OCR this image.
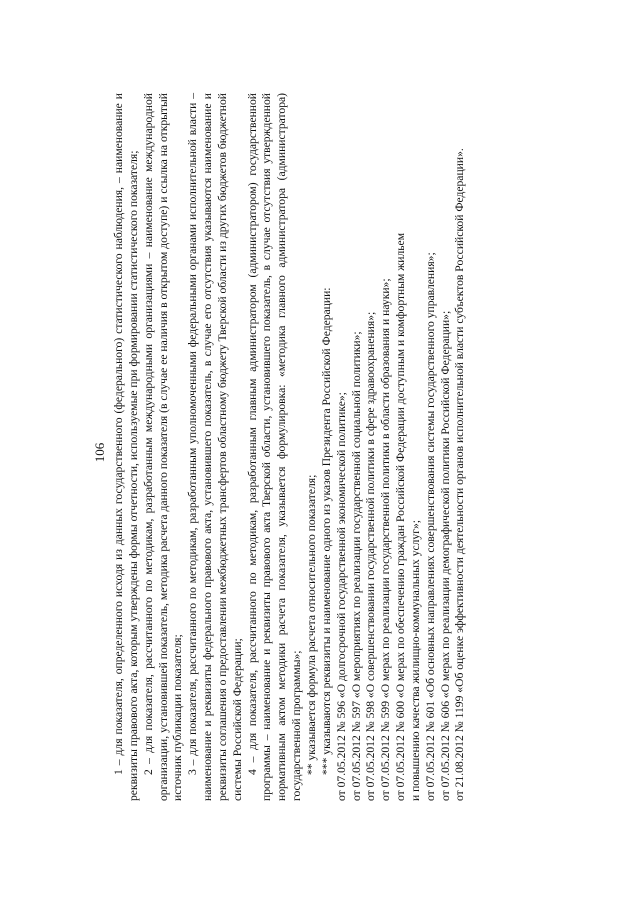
106 1 – для показателя, определенного исходя из данных государственного (федерального) статистического наблюдения, – наименование и реквизиты правового акта, которым утверждены формы отчетности, используемые при формировании статистического показателя; 2 – для показателя, рассчитанного по методикам, разработанным международными организациями – наименование международной организации, установившей показатель, методика расчета данного показателя (в случае ее наличия в открытом доступе) и ссылка на открытый источник публикации показателя; 3 – для показателя, рассчитанного по методикам, разработанным уполномоченными федеральными органами исполнительной власти – наименование и реквизиты федерального правового акта, установившего показатель, в случае его отсутствия указываются наименование и реквизиты соглашения о предоставлении межбюджетных трансфертов областному бюджету Тверской области из других бюджетов бюджетной системы Российской Федерации; 4 – для показателя, рассчитанного по методикам, разработанным главным администратором (администратором) государственной программы – наименование и реквизиты правового акта Тверской области, установившего показатель, в случае отсутствия утвержденной нормативным актом методики расчета показателя, указывается формулировка: «методика главного администратора (администратора) государственной программы»; ** указывается формула расчета относительного показателя; *** указываются реквизиты и наименование одного из указов Президента Российской Федерации: от 07.05.2012 № 596 «О долгосрочной государственной экономической политике»; от 07.05.2012 № 597 «О мероприятиях по реализации государственной социальной политики»; от 07.05.2012 № 598 «О совершенствовании государственной политики в сфере здравоохранения»; от 07.05.2012 № 599 «О мерах по реализации государственной политики в области образования и науки»; от 07.05.2012 № 600 «О мерах по обеспечению граждан Российской Федерации доступным и комфортным жильем и повышению качества жилищно-коммунальных услуг»; от 07.05.2012 № 601 «Об основных направлениях совершенствования системы государственного управления»; от 07.05.2012 № 606 «О мерах по реализации демографической политики Российской Федерации»; от 21.08.2012 № 1199 «Об оценке эффективности деятельности органов исполнительной власти субъектов Российской Федерации».
